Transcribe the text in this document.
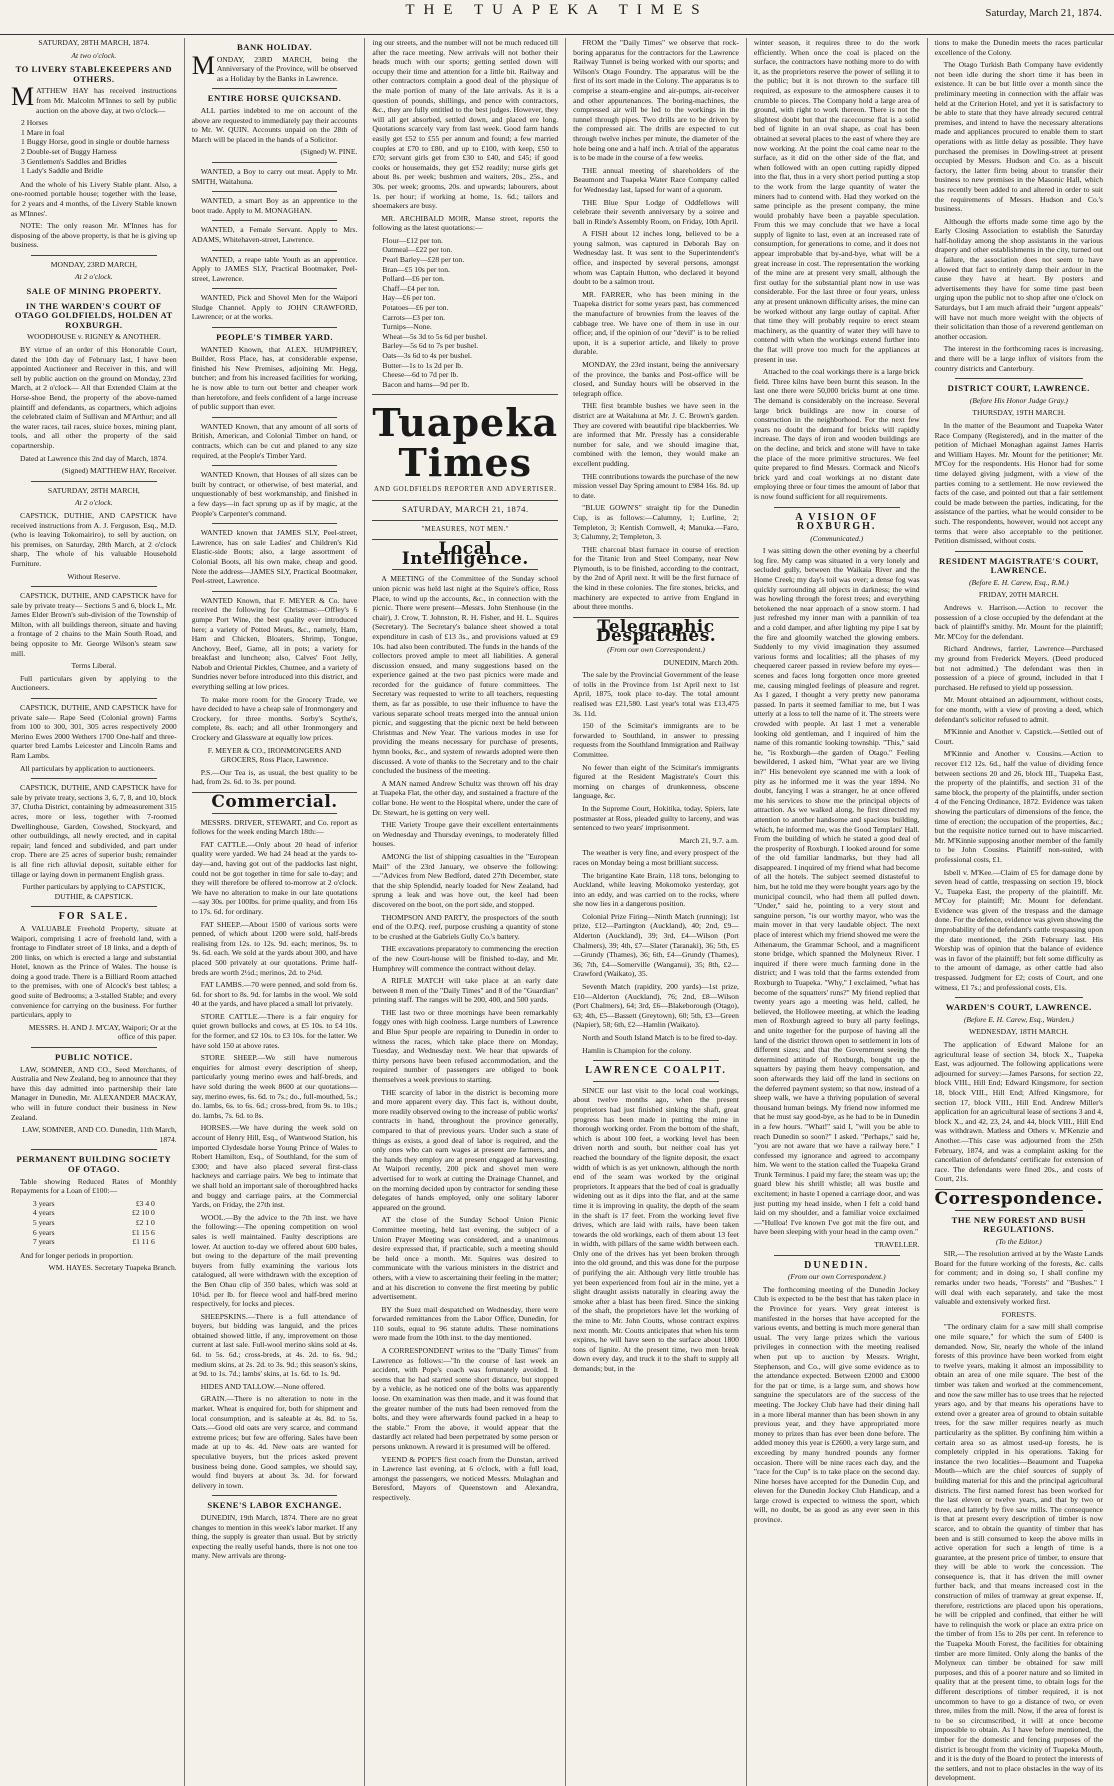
THE TUAPEKA TIMES	Saturday, March 21, 1874.

SATURDAY, 28TH MARCH, 1874.

At two o'clock.

TO LIVERY STABLEKEEPERS AND OTHERS.

MATTHEW HAY has received instructions from Mr. Malcolm M'Innes to sell by public auction on the above day, at two o'clock—

2 Horses
1 Mare in foal
1 Buggy Horse, good in single or double harness
2 Double-set of Buggy Harness
3 Gentlemen's Saddles and Bridles
1 Lady's Saddle and Bridle

And the whole of his Livery Stable plant. Also, a one-roomed portable house; together with the lease, for 2 years and 4 months, of the Livery Stable known as M'Innes'.

NOTE: The only reason Mr. M'Innes has for disposing of the above property, is that he is giving up business.

MONDAY, 23RD MARCH,

At 2 o'clock.

SALE OF MINING PROPERTY.
IN THE WARDEN'S COURT OF OTAGO GOLDFIELDS, HOLDEN AT ROXBURGH.

WOODHOUSE v. RIGNEY & ANOTHER.

BY virtue of an order of this Honorable Court, dated the 10th day of February last, I have been appointed Auctioneer and Receiver in this, and will sell by public auction on the ground on Monday, 23rd March, at 2 o'clock— All that Extended Claim at the Horse-shoe Bend, the property of the above-named plaintiff and defendants, as copartners, which adjoins the celebrated claim of Sullivan and M'Arthur; and all the water races, tail races, sluice boxes, mining plant, tools, and all other the property of the said copartnership.

Dated at Lawrence this 2nd day of March, 1874.

(Signed) MATTHEW HAY, Receiver.

SATURDAY, 28TH MARCH,

At 2 o'clock.

CAPSTICK, DUTHIE, AND CAPSTICK have received instructions from A. J. Ferguson, Esq., M.D. (who is leaving Tokomairiro), to sell by auction, on his premises, on Saturday, 28th March, at 2 o'clock sharp, The whole of his valuable Household Furniture.

Without Reserve.

CAPSTICK, DUTHIE, AND CAPSTICK have for sale by private treaty— Sections 5 and 6, block L, Mr. James Elder Brown's sub-division of the Township of Milton, with all buildings thereon, situate and having a frontage of 2 chains to the Main South Road, and being opposite to Mr. George Wilson's steam saw mill.

Terms Liberal.

Full particulars given by applying to the Auctioneers.

CAPSTICK, DUTHIE, AND CAPSTICK have for private sale— Rape Seed (Colonial grown) Farms from 100 to 300, 301, 305 acres respectively 2000 Merino Ewes 2000 Wethers 1700 One-half and three-quarter bred Lambs Leicester and Lincoln Rams and Ram Lambs.

All particulars by application to auctioneers.

CAPSTICK, DUTHIE, AND CAPSTICK have for sale by private treaty, sections 3, 6, 7, 8, and 10, block 37, Clutha District, containing by admeasurement 315 acres, more or less, together with 7-roomed Dwellinghouse, Garden, Cowshed, Stockyard, and other outbuildings, all newly erected, and in capital repair; land fenced and subdivided, and part under crop. There are 25 acres of superior bush; remainder is all fine rich alluvial deposit, suitable either for tillage or laying down in permanent English grass.

Further particulars by applying to CAPSTICK, DUTHIE, & CAPSTICK.

FOR SALE.

A VALUABLE Freehold Property, situate at Waipori, comprising 1 acre of freehold land, with a frontage to Findlater street of 18 links, and a depth of 200 links, on which is erected a large and substantial Hotel, known as the Prince of Wales. The house is doing a good trade. There is a Billiard Room attached to the premises, with one of Alcock's best tables; a good suite of Bedrooms; a 3-stalled Stable; and every convenience for carrying on the business. For further particulars, apply to

MESSRS. H. AND J. M'CAY, Waipori; Or at the office of this paper.

PUBLIC NOTICE.

LAW, SOMNER, AND CO., Seed Merchants, of Australia and New Zealand, beg to announce that they have this day admitted into partnership their late Manager in Dunedin, Mr. ALEXANDER MACKAY, who will in future conduct their business in New Zealand.

LAW, SOMNER, AND CO. Dunedin, 11th March, 1874.

PERMANENT BUILDING SOCIETY OF OTAGO.

Table showing Reduced Rates of Monthly Repayments for a Loan of £100:—

3 years	£3 4 0
4 years	£2 10 0
5 years	£2 1 0
6 years	£1 15 6
7 years	£1 11 6

And for longer periods in proportion.

WM. HAYES. Secretary Tuapeka Branch.

BANK HOLIDAY.

MONDAY, 23RD MARCH, being the Anniversary of the Province, will be observed as a Holiday by the Banks in Lawrence.

ENTIRE HORSE QUICKSAND.

ALL parties indebted to me on account of the above are requested to immediately pay their accounts to Mr. W. QUIN. Accounts unpaid on the 28th of March will be placed in the hands of a Solicitor.

(Signed) W. PINE.

WANTED, a Boy to carry out meat. Apply to Mr. SMITH, Waitahuna.

WANTED, a smart Boy as an apprentice to the boot trade. Apply to M. MONAGHAN.

WANTED, a Female Servant. Apply to Mrs. ADAMS, Whitehaven-street, Lawrence.

WANTED, a reape table Youth as an apprentice. Apply to JAMES SLY, Practical Bootmaker, Peel-street, Lawrence.

WANTED, Pick and Shovel Men for the Waipori Sludge Channel. Apply to JOHN CRAWFORD, Lawrence; or at the works.

PEOPLE'S TIMBER YARD.

WANTED Known, that ALEX. HUMPHREY, Builder, Ross Place, has, at considerable expense, finished his New Premises, adjoining Mr. Hegg, butcher; and from his increased facilities for working, he is now able to turn out better and cheaper work than heretofore, and feels confident of a large increase of public support than ever.

WANTED Known, that any amount of all sorts of British, American, and Colonial Timber on hand, or contracts, which can be cut and planed to any size required, at the People's Timber Yard.

WANTED Known, that Houses of all sizes can be built by contract, or otherwise, of best material, and unquestionably of best workmanship, and finished in a few days—in fact sprung up as if by magic, at the People's Carpenter's command.

WANTED known that JAMES SLY, Peel-street, Lawrence, has on sale Ladies' and Children's Kid Elastic-side Boots; also, a large assortment of Colonial Boots, all his own make, cheap and good. Note the address—JAMES SLY, Practical Bootmaker, Peel-street, Lawrence.

WANTED Known, that F. MEYER & Co. have received the following for Christmas:—Offley's 6 gumpe Port Wine, the best quality ever introduced here; a variety of Potted Meats, &c., namely, Ham, Ham and Chicken, Bloaters, Shrimp, Tongue, Anchovy, Beef, Game, all in pots; a variety for breakfast and luncheon; also, Calves' Foot Jelly, Nabob and Oriental Pickles, Chutnee, and a variety of Sundries never before introduced into this district, and everything selling at low prices.

To make more room for the Grocery Trade, we have decided to have a cheap sale of Ironmongery and Crockery, for three months. Sorby's Scythe's, complete, 8s. each; and all other Ironmongery and Crockery and Glassware at equally low prices.

F. MEYER & CO., IRONMONGERS AND GROCERS, Ross Place, Lawrence.

P.S.—Our Tea is, as usual, the best quality to be had, from 2s. 6d. to 3s. per pound.

Commercial.

MESSRS. DRIVER, STEWART, and Co. report as follows for the week ending March 18th:—

FAT CATTLE.—Only about 20 head of inferior quality were yarded. We had 24 head at the yards to-day—and, having got out of the paddocks last night, could not be got together in time for sale to-day; and they will therefore be offered to-morrow at 2 o'clock. We have no alteration to make in our late quotations—say 30s. per 100lbs. for prime quality, and from 16s to 17s. 6d. for ordinary.

FAT SHEEP.—About 1500 of various sorts were penned, of which about 1200 were sold, half-breds realising from 12s. to 12s. 9d. each; merinos, 9s. to 9s. 6d. each. We sold at the yards about 300, and have placed 500 privately at our quotations. Prime half-breds are worth 2½d.; merinos, 2d. to 2¼d.

FAT LAMBS.—70 were penned, and sold from 6s. 6d. for short to 8s. 9d. for lambs in the wool. We sold 40 at the yards, and have placed a small lot privately.

STORE CATTLE.—There is a fair enquiry for quiet grown bullocks and cows, at £5 10s. to £4 10s. for the former, and £2 10s. to £3 10s. for the latter. We have sold 150 at above rates.

STORE SHEEP.—We still have numerous enquiries for almost every description of sheep, particularly young merino ewes and half-breds, and have sold during the week 8600 at our quotations—say, merino ewes, 6s. 6d. to 7s.; do., full-mouthed, 5s.; do. lambs, 6s. to 6s. 6d.; cross-bred, from 9s. to 10s.; do. lambs, 7s. 6d. to 8s.

HORSES.—We have during the week sold on account of Henry Hill, Esq., of Wantwood Station, his imported Clydesdale horse Young Prince of Wales to Robert Hamilton, Esq., of Southland, for the sum of £300; and have also placed several first-class hackneys and carriage pairs. We beg to intimate that we shall hold an important sale of thoroughbred hacks and buggy and carriage pairs, at the Commercial Yards, on Friday, the 27th inst.

WOOL.—By the advice to the 7th inst. we have the following:—The opening competition on wool sales is well maintained. Faulty descriptions are lower. At auction to-day we offered about 600 bales, but owing to the departure of the mail preventing buyers from fully examining the various lots catalogued, all were withdrawn with the exception of the Ben Ohau clip of 350 bales, which was sold at 10¼d. per lb. for fleece wool and half-bred merino respectively, for locks and pieces.

SHEEPSKINS.—There is a full attendance of buyers, but bidding was languid, and the prices obtained showed little, if any, improvement on those current at last sale. Full-wool merino skins sold at 4s. 6d. to 5s. 6d.; cross-breds, at 4s. 2d. to 6s. 9d.; medium skins, at 2s. 2d. to 3s. 9d.; this season's skins, at 9d. to 1s. 7d.; lambs' skins, at 1s. 6d. to 1s. 9d.

HIDES AND TALLOW.—None offered.

GRAIN.—There is no alteration to note in the market. Wheat is enquired for, both for shipment and local consumption, and is saleable at 4s. 8d. to 5s. Oats.—Good old oats are very scarce, and command extreme prices; but few are offering. Sales have been made at up to 4s. 4d. New oats are wanted for speculative buyers, but the prices asked prevent business being done. Good samples, we should say, would find buyers at about 3s. 3d. for forward delivery in town.

SKENE'S LABOR EXCHANGE.

DUNEDIN, 19th March, 1874. There are no great changes to mention in this week's labor market. If any thing, the supply is greater than usual. But by strictly expecting the really useful hands, there is not one too many. New arrivals are throng-

ing our streets, and the number will not be much reduced till after the race meeting. New arrivals will not bother their heads much with our sports; getting settled down will occupy their time and attention for a little bit. Railway and other contractors complain a good deal of the physique of the male portion of many of the late arrivals. As it is a question of pounds, shillings, and pence with contractors, &c., they are fully entitled to the best judges. However, they will all get absorbed, settled down, and placed ere long. Quotations scarcely vary from last week. Good farm hands easily get £52 to £55 per annum and found; a few married couples at £70 to £80, and up to £100, with keep, £50 to £70; servant girls get from £30 to £40, and £45; if good cooks or housemaids, they get £52 readily; nurse girls get about 8s. per week; bushmen and waiters, 20s., 25s., and 30s. per week; grooms, 20s. and upwards; labourers, about 1s. per hour; if working at home, 1s. 6d.; tailors and shoemakers are busy.

MR. ARCHIBALD MOIR, Manse street, reports the following as the latest quotations:—

Flour—£12 per ton.
Oatmeal—£22 per ton.
Pearl Barley—£28 per ton.
Bran—£5 10s per ton.
Pollard—£6 per ton.
Chaff—£4 per ton.
Hay—£6 per ton.
Potatoes—£6 per ton.
Carrots—£3 per ton.
Turnips—None.
Wheat—5s 3d to 5s 6d per bushel.
Barley—5s 6d to 7s per bushel.
Oats—3s 6d to 4s per bushel.
Butter—1s to 1s 2d per lb.
Cheese—6d to 7d per lb.
Bacon and hams—9d per lb.
Tuapeka Times
AND GOLDFIELDS REPORTER AND ADVERTISER.
SATURDAY, MARCH 21, 1874.
"MEASURES, NOT MEN."
Local Intelligence.

A MEETING of the Committee of the Sunday school union picnic was held last night at the Squire's office, Ross Place, to wind up the accounts, &c., in connection with the picnic. There were present—Messrs. John Stenhouse (in the chair), J. Crow, T. Johnston, R. H. Fisher, and H. L. Squires (Secretary). The Secretary's balance sheet showed a total expenditure in cash of £13 3s., and provisions valued at £9 10s. had also been contributed. The funds in the hands of the collectors proved ample to meet all liabilities. A general discussion ensued, and many suggestions based on the experience gained at the two past picnics were made and recorded for the guidance of future committees. The Secretary was requested to write to all teachers, requesting them, as far as possible, to use their influence to have the various separate school treats merged into the annual union picnic, and suggesting that the picnic next be held between Christmas and New Year. The various modes in use for providing the means necessary for purchase of presents, hymn books, &c., and system of rewards adopted were then discussed. A vote of thanks to the Secretary and to the chair concluded the business of the meeting.

A MAN named Andrew Schultz was thrown off his dray at Tuapeka Flat, the other day, and sustained a fracture of the collar bone. He went to the Hospital where, under the care of Dr. Stewart, he is getting on very well.

THE Variety Troupe gave their excellent entertainments on Wednesday and Thursday evenings, to moderately filled houses.

AMONG the list of shipping casualties in the "European Mail" of the 23rd January, we observe the following:—"Advices from New Bedford, dated 27th December, state that the ship Splendid, nearly loaded for New Zealand, had sprung a leak and was hove out, the keel had been discovered on the boot, on the port side, and stopped.

THOMPSON AND PARTY, the prospectors of the south end of the O.P.Q. reef, purpose crushing a quantity of stone to be crushed at the Gabriels Gully Co.'s battery.

THE excavations preparatory to commencing the erection of the new Court-house will be finished to-day, and Mr. Humphrey will commence the contract without delay.

A RIFLE MATCH will take place at an early date between 8 men of the "Daily Times" and 8 of the "Guardian" printing staff. The ranges will be 200, 400, and 500 yards.

THE last two or three mornings have been remarkably foggy ones with high coolness. Large numbers of Lawrence and Blue Spur people are repairing to Dunedin in order to witness the races, which take place there on Monday, Tuesday, and Wednesday next. We hear that upwards of thirty persons have been refused accommodation, and the required number of passengers are obliged to book themselves a week previous to starting.

THE scarcity of labor in the district is becoming more and more apparent every day. This fact is, without doubt, more readily observed owing to the increase of public works' contracts in hand, throughout the province generally, compared to that of previous years. Under such a state of things as exists, a good deal of labor is required, and the only ones who can earn wages at present are farmers, and the hands they employ are at present engaged at harvesting. At Waipori recently, 200 pick and shovel men were advertised for to work at cutting the Drainage Channel, and on the morning decided upon by contractor for sending these delegates of hands employed, only one solitary laborer appeared on the ground.

AT the close of the Sunday School Union Picnic Committee meeting, held last evening, the subject of a Union Prayer Meeting was considered, and a unanimous desire expressed that, if practicable, such a meeting should be held once a month. Mr. Squires was desired to communicate with the various ministers in the district and others, with a view to ascertaining their feeling in the matter; and at his discretion to convene the first meeting by public advertisement.

BY the Suez mail despatched on Wednesday, there were forwarded remittances from the Labor Office, Dunedin, for 110 souls, equal to 96 statute adults. These nominations were made from the 10th inst. to the day mentioned.

A CORRESPONDENT writes to the "Daily Times" from Lawrence as follows:—"In the course of last week an accident, with Pope's coach was fortunately avoided. It seems that he had started some short distance, but stopped by a vehicle, as he noticed one of the bolts was apparently loose. On examination was then made, and it was found that the greater number of the nuts had been removed from the bolts, and they were afterwards found packed in a heap to the stable." From the above, it would appear that the dastardly act related had been perpetrated by some person or persons unknown. A reward it is presumed will be offered.

YEEND & POPE'S first coach from the Dunstan, arrived in Lawrence last evening, at 6 o'clock, with a full load, amongst the passengers, we noticed Messrs. Mulaghan and Beresford, Mayors of Queenstown and Alexandra, respectively.

FROM the "Daily Times" we observe that rock-boring apparatus for the contractors for the Lawrence Railway Tunnel is being worked with our sports; and Wilson's Otago Foundry. The apparatus will be the first of its sort made in the Colony. The apparatus is to comprise a steam-engine and air-pumps, air-receiver and other appurtenances. The boring-machines, the compressed air will be led to the workings in the tunnel through pipes. Two drills are to be driven by the compressed air. The drills are expected to cut through twelve inches per minute, the diameter of the hole being one and a half inch. A trial of the apparatus is to be made in the course of a few weeks.

THE annual meeting of shareholders of the Beaumont and Tuapeka Water Race Company called for Wednesday last, lapsed for want of a quorum.

THE Blue Spur Lodge of Oddfellows will celebrate their seventh anniversary by a soiree and ball in Rinde's Assembly Room, on Friday, 10th April.

A FISH about 12 inches long, believed to be a young salmon, was captured in Deborah Bay on Wednesday last. It was sent to the Superintendent's office, and inspected by several persons, amongst whom was Captain Hutton, who declared it beyond doubt to be a salmon trout.

MR. FARRER, who has been mining in the Tuapeka district for some years past, has commenced the manufacture of brownies from the leaves of the cabbage tree. We have one of them in use in our office; and, if the opinion of our "devil" is to be relied upon, it is a superior article, and likely to prove durable.

MONDAY, the 23rd instant, being the anniversary of the province, the banks and Post-office will be closed, and Sunday hours will be observed in the telegraph office.

THE first bramble bushes we have seen in the district are at Waitahuna at Mr. J. C. Brown's garden. They are covered with beautiful ripe blackberries. We are informed that Mr. Pressly has a considerable number for sale, and we should imagine that, combined with the lemon, they would make an excellent pudding.

THE contributions towards the purchase of the new mission vessel Day Spring amount to £984 16s. 8d. up to date.

"BLUE GOWN'S" straight tip for the Dunedin Cup, is as follows:—Calumny, 1; Lurline, 2; Templeton, 3; Kentish Cornwell, 4; Manuka.—Faro, 3; Calumny, 2; Templeton, 3.

THE charcoal blast furnace in course of erection for the Titanic Iron and Steel Company, near New Plymouth, is to be finished, according to the contract, by the 2nd of April next. It will be the first furnace of the kind in these colonies. The fire stones, bricks, and machinery are expected to arrive from England in about three months.

Telegraphic Despatches.

(From our own Correspondent.)

DUNEDIN, March 20th.

The sale by the Provincial Government of the lease of tolls in the Province from 1st April next to 1st April, 1875, took place to-day. The total amount realised was £21,580. Last year's total was £13,475 3s. 11d.

150 of the Scimitar's immigrants are to be forwarded to Southland, in answer to pressing requests from the Southland Immigration and Railway Committee.

No fewer than eight of the Scimitar's immigrants figured at the Resident Magistrate's Court this morning on charges of drunkenness, obscene language, &c.

In the Supreme Court, Hokitika, today, Spiers, late postmaster at Ross, pleaded guilty to larceny, and was sentenced to two years' imprisonment.

March 21, 9.7. a.m.

The weather is very fine, and every prospect of the races on Monday being a most brilliant success.

The brigantine Kate Brain, 118 tons, belonging to Auckland, while leaving Mokomoko yesterday, got into an eddy, and was carried on to the rocks, where she now lies in a dangerous position.

Colonial Prize Firing—Ninth Match (running); 1st prize, £12—Partington (Auckland), 40; 2nd, £9—Alderton (Auckland), 39; 3rd, £4—Wilson (Port Chalmers), 39; 4th, £7—Slater (Taranaki), 36; 5th, £5—Grundy (Thames), 36; 6th, £4—Grundy (Thames), 36; 7th, £4—Somerville (Wanganui), 35; 8th, £2—Crawford (Waikato), 35.

Seventh Match (rapidity, 200 yards)—1st prize, £10—Alderton (Auckland), 76; 2nd, £8—Wilson (Port Chalmers), 64; 3rd, £6—Blakeborough (Otago), 63; 4th, £5—Bassett (Greytown), 60; 5th, £3—Green (Napier), 58; 6th, £2—Hamlin (Waikato).

North and South Island Match is to be fired to-day.

Hamlin is Champion for the colony.

LAWRENCE COALPIT.

SINCE our last visit to the local coal workings, about twelve months ago, when the present proprietors had just finished sinking the shaft, great progress has been made in putting the mine in thorough working order. From the bottom of the shaft, which is about 100 feet, a working level has been driven north and south, but neither coal has yet reached the boundary of the lignite deposit, the exact width of which is as yet unknown, although the north end of the seam was worked by the original proprietors. It appears that the bed of coal is gradually widening out as it dips into the flat, and at the same time it is improving in quality, the depth of the seam in the shaft is 17 feet. From the working level five drives, which are laid with rails, have been taken towards the old workings, each of them about 13 feet in width, with pillars of the same width between each. Only one of the drives has yet been broken through into the old ground, and this was done for the purpose of purifying the air. Although very little trouble has yet been experienced from foul air in the mine, yet a slight draught assists naturally in clearing away the smoke after a blast has been fired. Since the sinking of the shaft, the proprietors have let the working of the mine to Mr. John Coutts, whose contract expires next month. Mr. Coutts anticipates that when his term expires, he will have seen to the surface about 1800 tons of lignite. At the present time, two men break down every day, and truck it to the shaft to supply all demands; but, in the

winter season, it requires three to do the work efficiently. When once the coal is placed on the surface, the contractors have nothing more to do with it, as the proprietors reserve the power of selling it to the public; but it is not thrown to the surface till required, as exposure to the atmosphere causes it to crumble to pieces. The Company hold a large area of ground, with right to work thereon. There is not the slightest doubt but that the racecourse flat is a solid bed of lignite in an oval shape, as coal has been obtained at several places to the east of where they are now working. At the point the coal came near to the surface, as it did on the other side of the flat, and when followed with an open cutting rapidly dipped into the flat, thus in a very short period putting a stop to the work from the large quantity of water the miners had to contend with. Had they worked on the same principle as the present company, the mine would probably have been a payable speculation. From this we may conclude that we have a local supply of lignite to last, even at an increased rate of consumption, for generations to come, and it does not appear improbable that by-and-bye, what will be a great increase in cost. The representation the working of the mine are at present very small, although the first outlay for the substantial plant now in use was considerable. For the last three or four years, unless any at present unknown difficulty arises, the mine can be worked without any large outlay of capital. After that time they will probably require to erect steam machinery, as the quantity of water they will have to contend with when the workings extend further into the flat will prove too much for the appliances at present in use.

Attached to the coal workings there is a large brick field. Three kilns have been burnt this season. In the last one there were 50,000 bricks burnt at one time. The demand is considerably on the increase. Several large brick buildings are now in course of construction in the neighborhood. For the next few years no doubt the demand for bricks will rapidly increase. The days of iron and wooden buildings are on the decline, and brick and stone will have to take the place of the more primitive structures. We feel quite prepared to find Messrs. Cormack and Nicol's brick yard and coal workings at no distant date employing three or four times the amount of labor that is now found sufficient for all requirements.

A VISION OF ROXBURGH.

(Communicated.)

I was sitting down the other evening by a cheerful log fire. My camp was situated in a very lonely and secluded gully, between the Waikaia River and the Home Creek; my day's toil was over; a dense fog was quickly surrounding all objects in darkness; the wind was howling through the forest trees; and everything betokened the near approach of a snow storm. I had just refreshed my inner man with a pannikin of tea and a cold damper, and after lighting my pipe I sat by the fire and gloomily watched the glowing embers. Suddenly to my vivid imagination they assumed various forms and localities; all the phases of my chequered career passed in review before my eyes—scenes and faces long forgotten once more greeted me, causing mingled feelings of pleasure and regret. As I gazed, I thought a very pretty new panorama passed. In parts it seemed familiar to me, but I was utterly at a loss to tell the name of it. The streets were crowded with people. At last I met a venerable looking old gentleman, and I inquired of him the name of this romantic looking township. "This," said he, "is Roxburgh—the garden of Otago." Feeling bewildered, I asked him, "What year are we living in?" His benevolent eye scanned me with a look of pity as he informed me it was the year 1894. No doubt, fancying I was a stranger, he at once offered me his services to show me the principal objects of attraction. As we walked along, he first directed my attention to another handsome and spacious building, which, he informed me, was the Good Templars' Hall. From the building of which he stated a good deal of the prosperity of Roxburgh. I looked around for some of the old familiar landmarks, but they had all disappeared. I inquired of my friend what had become of all the hotels. The subject seemed distasteful to him, but he told me they were bought years ago by the municipal council, who had them all pulled down. "Under," said he, pointing to a very stout and sanguine person, "is our worthy mayor, who was the main mover in that very laudable object. The next place of interest which my friend showed me were the Athenæum, the Grammar School, and a magnificent stone bridge, which spanned the Molyneux River. I inquired if there were much farming done in the district; and I was told that the farms extended from Roxburgh to Tuapeka. "Why," I exclaimed, "what has become of the squatters' runs?" My friend replied that twenty years ago a meeting was held, called, he believed, the Hollowee meeting, at which the leading men of Roxburgh agreed to bury all party feelings, and unite together for the purpose of having all the land of the district thrown open to settlement in lots of different sizes; and that the Government seeing the determined attitude of Roxburgh, bought up the squatters by paying them heavy compensation, and soon afterwards they laid off the land in sections on the deferred payment system; so that now, instead of a sheep walk, we have a thriving population of several thousand human beings. My friend now informed me that he must say good-bye, as he had to be in Dunedin in a few hours. "What!" said I, "will you be able to reach Dunedin so soon?" I asked. "Perhaps," said he, "you are not aware that we have a railway here." I confessed my ignorance and agreed to accompany him. We went to the station called the Tuapeka Grand Trunk Terminus. I paid my fare; the steam was up; the guard blew his shrill whistle; all was bustle and excitement; in haste I opened a carriage door, and was just putting my head inside, when I felt a cold hand laid on my shoulder, and a familiar voice exclaimed—"Hulloa! I've known I've got mit the fire out, and have been sleeping with your head in the camp oven."

TRAVELLER.

DUNEDIN.

(From our own Correspondent.)

The forthcoming meeting of the Dunedin Jockey Club is expected to be the best that has taken place in the Province for years. Very great interest is manifested in the horses that have accepted for the various events, and betting is much more general than usual. The very large prizes which the various privileges in connection with the meeting realised when put up to auction by Messrs. Wright, Stephenson, and Co., will give some evidence as to the attendance expected. Between £2000 and £3000 for the pat or time, is a large sum, and shows how sanguine the speculators are of the success of the meeting. The Jockey Club have had their dining hall in a more liberal manner than has been shown in any previous year, and they have appropriated more money to prizes than has ever been done before. The added money this year is £2600, a very large sum, and exceeding by many hundred pounds any former occasion. There will be nine races each day, and the "race for the Cup" is to take place on the second day. Nine horses have accepted for the Dunedin Cup, and eleven for the Dunedin Jockey Club Handicap, and a large crowd is expected to witness the sport, which will, no doubt, be as good as any ever seen in this province.

tions to make the Dunedin meets the races particular excellence of the Colony.

The Otago Turkish Bath Company have evidently not been idle during the short time it has been in existence. It can be but little over a month since the preliminary meeting in connection with the affair was held at the Criterion Hotel, and yet it is satisfactory to be able to state that they have already secured central premises, and intend to have the necessary alterations made and appliances procured to enable them to start operations with as little delay as possible. They have purchased the premises in Dowling-street at present occupied by Messrs. Hudson and Co. as a biscuit factory, the latter firm being about to transfer their business to new premises in the Masonic Hall, which has recently been added to and altered in order to suit the requirements of Messrs. Hudson and Co.'s business.

Although the efforts made some time ago by the Early Closing Association to establish the Saturday half-holiday among the shop assistants in the various drapery and other establishments in the city, turned out a failure, the association does not seem to have allowed that fact to entirely damp their ardour in the cause they have at heart. By posters and advertisements they have for some time past been urging upon the public not to shop after one o'clock on Saturdays, but I am much afraid their "urgent appeals" will have not much more weight with the objects of their solicitation than those of a reverend gentleman on another occasion.

The interest in the forthcoming races is increasing, and there will be a large influx of visitors from the country districts and Canterbury.

DISTRICT COURT, LAWRENCE.

(Before His Honor Judge Gray.)

THURSDAY, 19TH MARCH.

In the matter of the Beaumont and Tuapeka Water Race Company (Registered), and in the matter of the petition of Michael Monaghan against James Harris and William Hayes. Mr. Mount for the petitioner; Mr. M'Coy for the respondents. His Honor had for some time delayed giving judgment, with a view of the parties coming to a settlement. He now reviewed the facts of the case, and pointed out that a fair settlement could be made between the parties, indicating, for the assistance of the parties, what he would consider to be such. The respondents, however, would not accept any terms that were also acceptable to the petitioner. Petition dismissed, without costs.

RESIDENT MAGISTRATE'S COURT, LAWRENCE.

(Before E. H. Carew, Esq., R.M.)

FRIDAY, 20TH MARCH.

Andrews v. Harrison.—Action to recover the possession of a close occupied by the defendant at the back of plaintiff's smithy. Mr. Mount for the plaintiff; Mr. M'Coy for the defendant.

Richard Andrews, farrier, Lawrence—Purchased my ground from Frederick Meyers. (Deed produced but not admitted.) The defendant was then in possession of a piece of ground, included in that I purchased. He refused to yield up possession.

Mr. Mount obtained an adjournment, without costs, for one month, with a view of proving a deed, which defendant's solicitor refused to admit.

M'Kinnie and Another v. Capstick.—Settled out of Court.

M'Kinnie and Another v. Cousins.—Action to recover £12 12s. 6d., half the value of dividing fence between sections 20 and 26, block III., Tuapeka East, the property of the plaintiffs, and section 31 of the same block, the property of the plaintiffs, under section 4 of the Fencing Ordinance, 1872. Evidence was taken showing the particulars of dimensions of the fence, the time of erection; the occupation of the properties, &c.; but the requisite notice turned out to have miscarried. Mr. M'Kinnie supposing another member of the family to be John Cousins. Plaintiff non-suited, with professional costs, £1.

Isbell v. M'Kee.—Claim of £5 for damage done by seven head of cattle, trespassing on section 19, block V., Tuapeka East, the property of the plaintiff. Mr. M'Coy for plaintiff; Mr. Mount for defendant. Evidence was given of the trespass and the damage done. For the defence, evidence was given showing the improbability of the defendant's cattle trespassing upon the date mentioned, the 26th February last. His Worship was of opinion that the balance of evidence was in favor of the plaintiff; but felt some difficulty as to the amount of damage, as other cattle had also trespassed. Judgment for £2; costs of Court, and one witness, £1 7s.; and professional costs, £1s.

WARDEN'S COURT, LAWRENCE.

(Before E. H. Carew, Esq., Warden.)

WEDNESDAY, 18TH MARCH.

The application of Edward Malone for an agricultural lease of section 34, block X., Tuapeka East, was adjourned. The following applications were adjourned for survey:—James Parsons, for section 22, block VIII., Hill End; Edward Kingsmore, for section 18, block VIII., Hill End; Alfred Kingsmore, for section 17, block VIII., Hill End. Andrew Miller's application for an agricultural lease of sections 3 and 4, block X., and 42, 23, 24, and 44, block VIII., Hill End was withdrawn. Matless and Others v. M'Kenzie and Another.—This case was adjourned from the 25th February, 1874, and was a complaint asking for the cancellation of defendants' certificate for extension of race. The defendants were fined 20s., and costs of Court, 21s.

Correspondence.
THE NEW FOREST AND BUSH REGULATIONS.

(To the Editor.)

SIR,—The resolution arrived at by the Waste Lands Board for the future working of the forests, &c. calls for comment; and in doing so, I shall confine my remarks under two heads, "Forests" and "Bushes." I will deal with each separately, and take the most valuable and extensively worked first.

FORESTS.

"The ordinary claim for a saw mill shall comprise one mile square," for which the sum of £400 is demanded. Now, Sir, nearly the whole of the inland forests of this province have been worked from eight to twelve years, making it almost an impossibility to obtain an area of one mile square. The best of the timber was taken and worked at the commencement, and now the saw miller has to use trees that he rejected years ago, and by that means his operations have to extend over a greater area of ground to obtain suitable trees, for the saw miller requires nearly as much particularity as the splitter. By confining him within a certain area so as almost used-up forests, he is completely crippled in his operations. Taking for instance the two localities—Beaumont and Tuapeka Mouth—which are the chief sources of supply of building material for this and the principal agricultural districts. The first named forest has been worked for the last eleven or twelve years, and that by two or three, and latterly by five saw mills. The consequence is that at present every description of timber is now scarce, and to obtain the quantity of timber that has been and is still consumed to keep the above mills in active operation for such a length of time is a guarantee, at the present price of timber, to ensure that they will be able to work the concession. The consequence is, that it has driven the mill owner further back, and that means increased cost in the construction of miles of tramway at great expense. If, therefore, restrictions are placed upon his operations, he will be crippled and confined, that either he will have to relinquish the work or place an extra price on the timber of from 15s to 20s per cent. In reference to the Tuapeka Mouth Forest, the facilities for obtaining timber are more limited. Only along the banks of the Molyneux can timber be obtained for saw mill purposes, and this of a poorer nature and so limited in quality that at the present time, to obtain logs for the different descriptions of timber required, it is not uncommon to have to go a distance of two, or even three, miles from the mill. Now, if the area of forest is to be so circumscribed, it will at once become impossible to obtain. As I have before mentioned, the timber for the domestic and fencing purposes of the district is brought from the vicinity of Tuapeka Mouth, and it is the duty of the Board to protect the interests of the settlers, and not to place obstacles in the way of its development.
